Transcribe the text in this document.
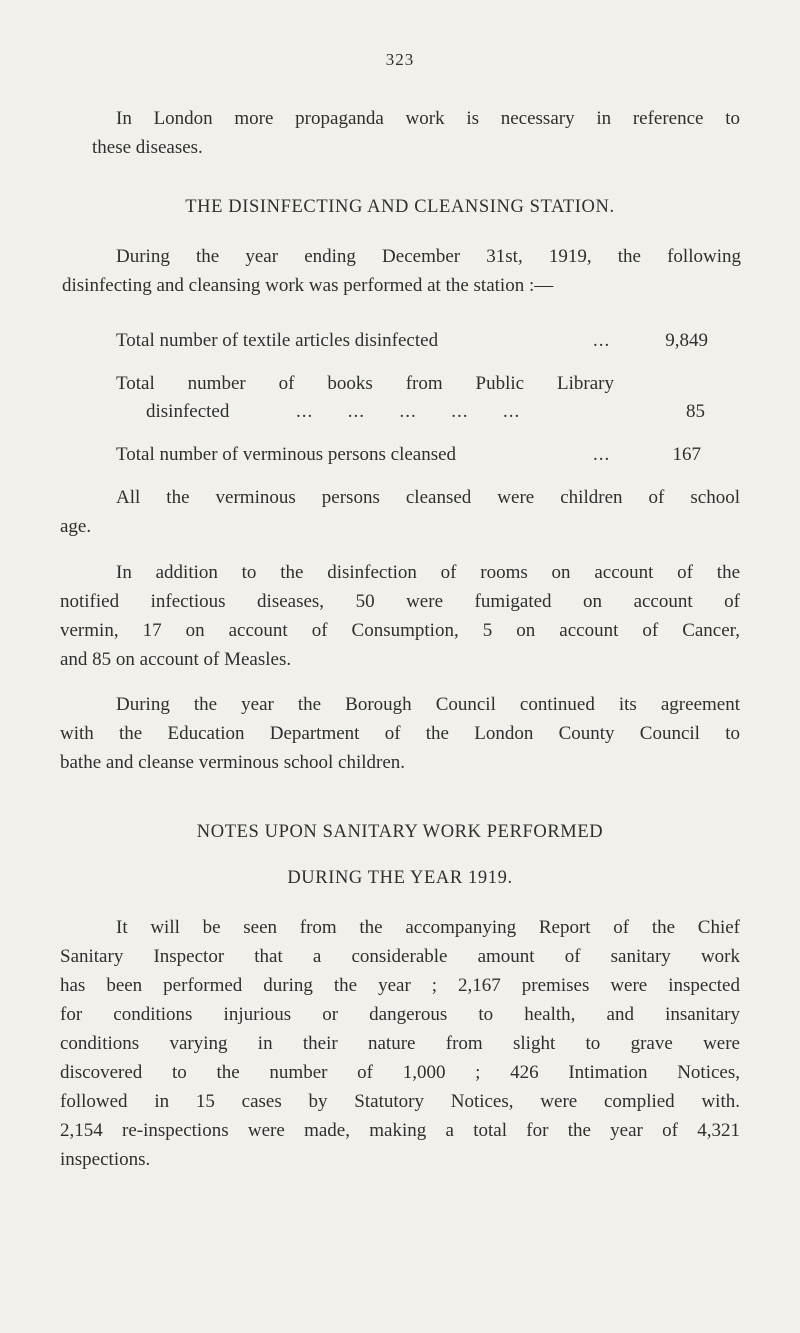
323
In London more propaganda work is necessary in reference to
these diseases.
THE DISINFECTING AND CLEANSING STATION.
During the year ending December 31st, 1919, the following
disinfecting and cleansing work was performed at the station :—
Total number of textile articles disinfected	...	9,849
Total number of books from Public Library
disinfected	...      ...      ...      ...      ...	85
Total number of verminous persons cleansed	...	167
All the verminous persons cleansed were children of school
age.
In addition to the disinfection of rooms on account of the
notified infectious diseases, 50 were fumigated on account of
vermin, 17 on account of Consumption, 5 on account of Cancer,
and 85 on account of Measles.
During the year the Borough Council continued its agreement
with the Education Department of the London County Council to
bathe and cleanse verminous school children.
NOTES UPON SANITARY WORK PERFORMED
DURING THE YEAR 1919.
It will be seen from the accompanying Report of the Chief
Sanitary Inspector that a considerable amount of sanitary work
has been performed during the year ; 2,167 premises were inspected
for conditions injurious or dangerous to health, and insanitary
conditions varying in their nature from slight to grave were
discovered to the number of 1,000 ; 426 Intimation Notices,
followed in 15 cases by Statutory Notices, were complied with.
2,154 re-inspections were made, making a total for the year of 4,321
inspections.
